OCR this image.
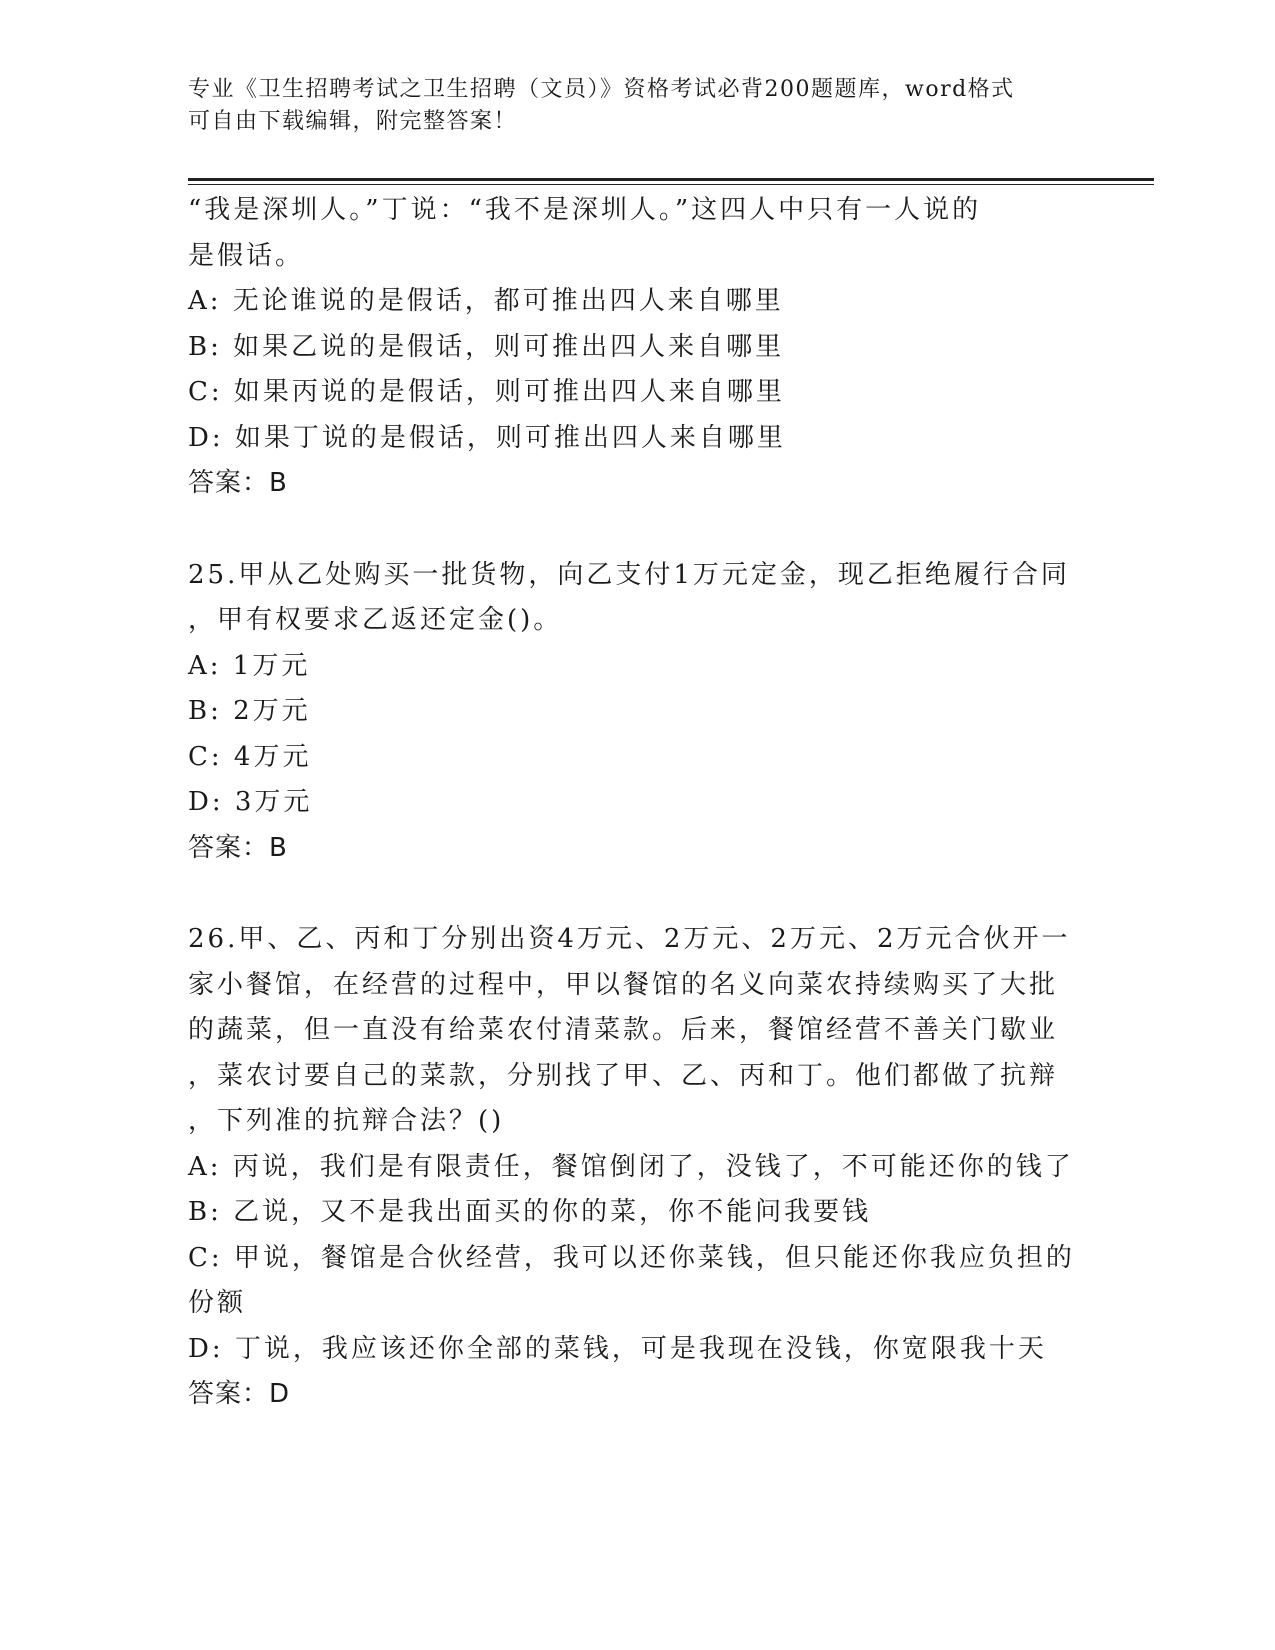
专业《卫生招聘考试之卫生招聘（文员）》资格考试必背200题题库，word格式
可自由下载编辑，附完整答案！
“我是深圳人。”丁说：“我不是深圳人。”这四人中只有一人说的
是假话。
A: 无论谁说的是假话，都可推出四人来自哪里
B: 如果乙说的是假话，则可推出四人来自哪里
C: 如果丙说的是假话，则可推出四人来自哪里
D: 如果丁说的是假话，则可推出四人来自哪里
答案：B
25.甲从乙处购买一批货物，向乙支付1万元定金，现乙拒绝履行合同
，甲有权要求乙返还定金()。
A: 1万元
B: 2万元
C: 4万元
D: 3万元
答案：B
26.甲、乙、丙和丁分别出资4万元、2万元、2万元、2万元合伙开一
家小餐馆，在经营的过程中，甲以餐馆的名义向菜农持续购买了大批
的蔬菜，但一直没有给菜农付清菜款。后来，餐馆经营不善关门歇业
，菜农讨要自己的菜款，分别找了甲、乙、丙和丁。他们都做了抗辩
，下列准的抗辩合法？()
A: 丙说，我们是有限责任，餐馆倒闭了，没钱了，不可能还你的钱了
B: 乙说，又不是我出面买的你的菜，你不能问我要钱
C: 甲说，餐馆是合伙经营，我可以还你菜钱，但只能还你我应负担的
份额
D: 丁说，我应该还你全部的菜钱，可是我现在没钱，你宽限我十天
答案：D
